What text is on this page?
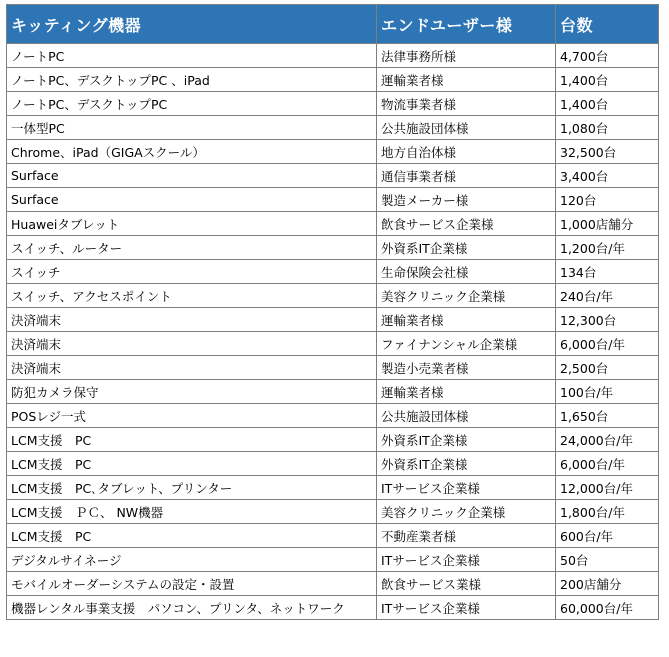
キッティング機器	エンドユーザー様	台数
ノートPC	法律事務所様	4,700台
ノートPC、デスクトップPC 、iPad	運輸業者様	1,400台
ノートPC、デスクトップPC	物流事業者様	1,400台
一体型PC	公共施設団体様	1,080台
Chrome、iPad（GIGAスクール）	地方自治体様	32,500台
Surface	通信事業者様	3,400台
Surface	製造メーカー様	120台
Huaweiタブレット	飲食サービス企業様	1,000店舗分
スイッチ、ルーター	外資系IT企業様	1,200台/年
スイッチ	生命保険会社様	134台
スイッチ、アクセスポイント	美容クリニック企業様	240台/年
決済端末	運輸業者様	12,300台
決済端末	ファイナンシャル企業様	6,000台/年
決済端末	製造小売業者様	2,500台
防犯カメラ保守	運輸業者様	100台/年
POSレジ一式	公共施設団体様	1,650台
LCM支援　PC	外資系IT企業様	24,000台/年
LCM支援　PC	外資系IT企業様	6,000台/年
LCM支援　PC､タブレット、プリンター	ITサービス企業様	12,000台/年
LCM支援　ＰＣ、 NW機器	美容クリニック企業様	1,800台/年
LCM支援　PC	不動産業者様	600台/年
デジタルサイネージ	ITサービス企業様	50台
モバイルオーダーシステムの設定・設置	飲食サービス業様	200店舗分
機器レンタル事業支援　パソコン、プリンタ、ネットワーク	ITサービス企業様	60,000台/年
